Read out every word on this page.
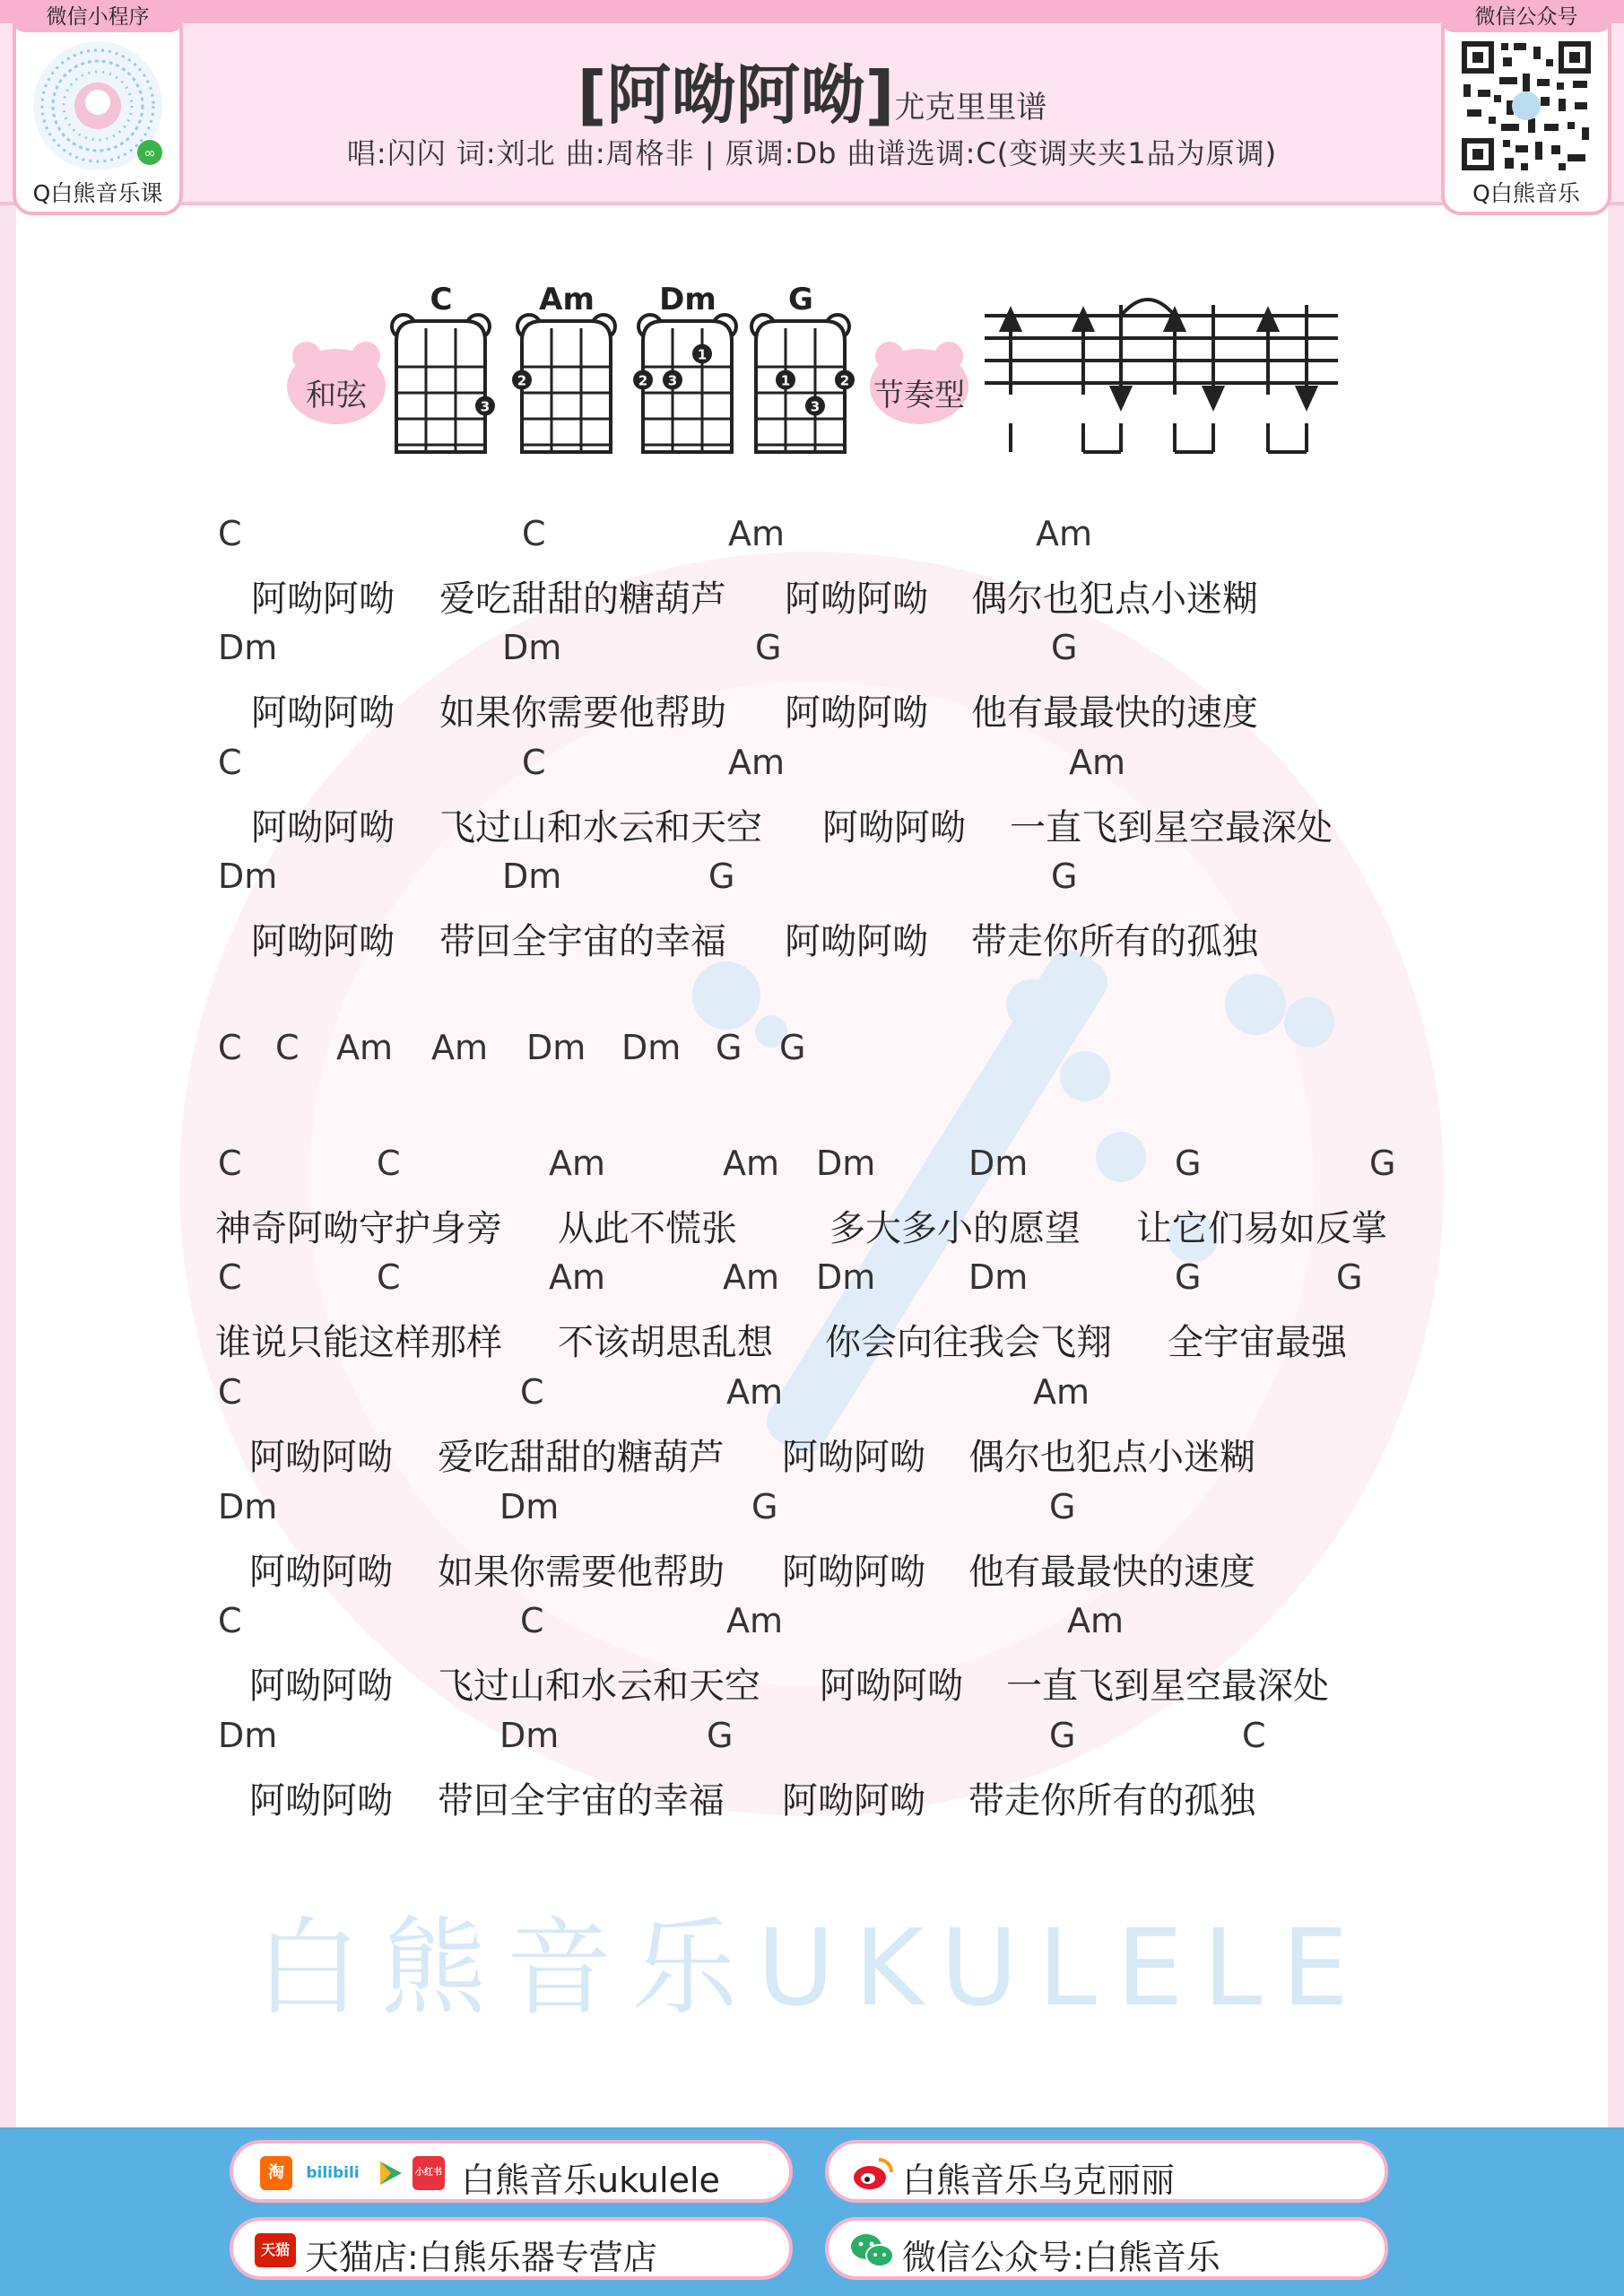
白熊音乐UKULELE
微信小程序
∞
Q白熊音乐课
微信公众号
Q白熊音乐
[阿呦阿呦]尤克里里谱
唱:闪闪 词:刘北 曲:周格非 | 原调:Db 曲谱选调:C(变调夹夹1品为原调)
和弦	3
2	2 3
1
1
3
2
C	Am	Dm	G
节奏型
C	C	Am	Am
阿呦阿呦 爱吃甜甜的糖葫芦 阿呦阿呦 偶尔也犯点小迷糊
Dm	Dm	G	G
阿呦阿呦 如果你需要他帮助 阿呦阿呦 他有最最快的速度
C	C	Am	Am
阿呦阿呦 飞过山和水云和天空 阿呦阿呦 一直飞到星空最深处
Dm	Dm	G	G
阿呦阿呦 带回全宇宙的幸福 阿呦阿呦 带走你所有的孤独
C C Am Am Dm Dm G G
C	C	Am	Am Dm	Dm	G	G
神奇阿呦守护身旁 从此不慌张	多大多小的愿望 让它们易如反掌
C	C	Am	Am Dm	Dm	G	G
谁说只能这样那样 不该胡思乱想 你会向往我会飞翔 全宇宙最强
C	C	Am	Am
阿呦阿呦 爱吃甜甜的糖葫芦 阿呦阿呦 偶尔也犯点小迷糊
Dm	Dm	G	G
阿呦阿呦 如果你需要他帮助 阿呦阿呦 他有最最快的速度
C	C	Am	Am
阿呦阿呦 飞过山和水云和天空 阿呦阿呦 一直飞到星空最深处
Dm	Dm	G	G	C
阿呦阿呦 带回全宇宙的幸福 阿呦阿呦 带走你所有的孤独
淘	bilibili	小红书 白熊音乐ukulele	白熊音乐乌克丽丽
天猫 天猫店:白熊乐器专营店	微信公众号:白熊音乐
